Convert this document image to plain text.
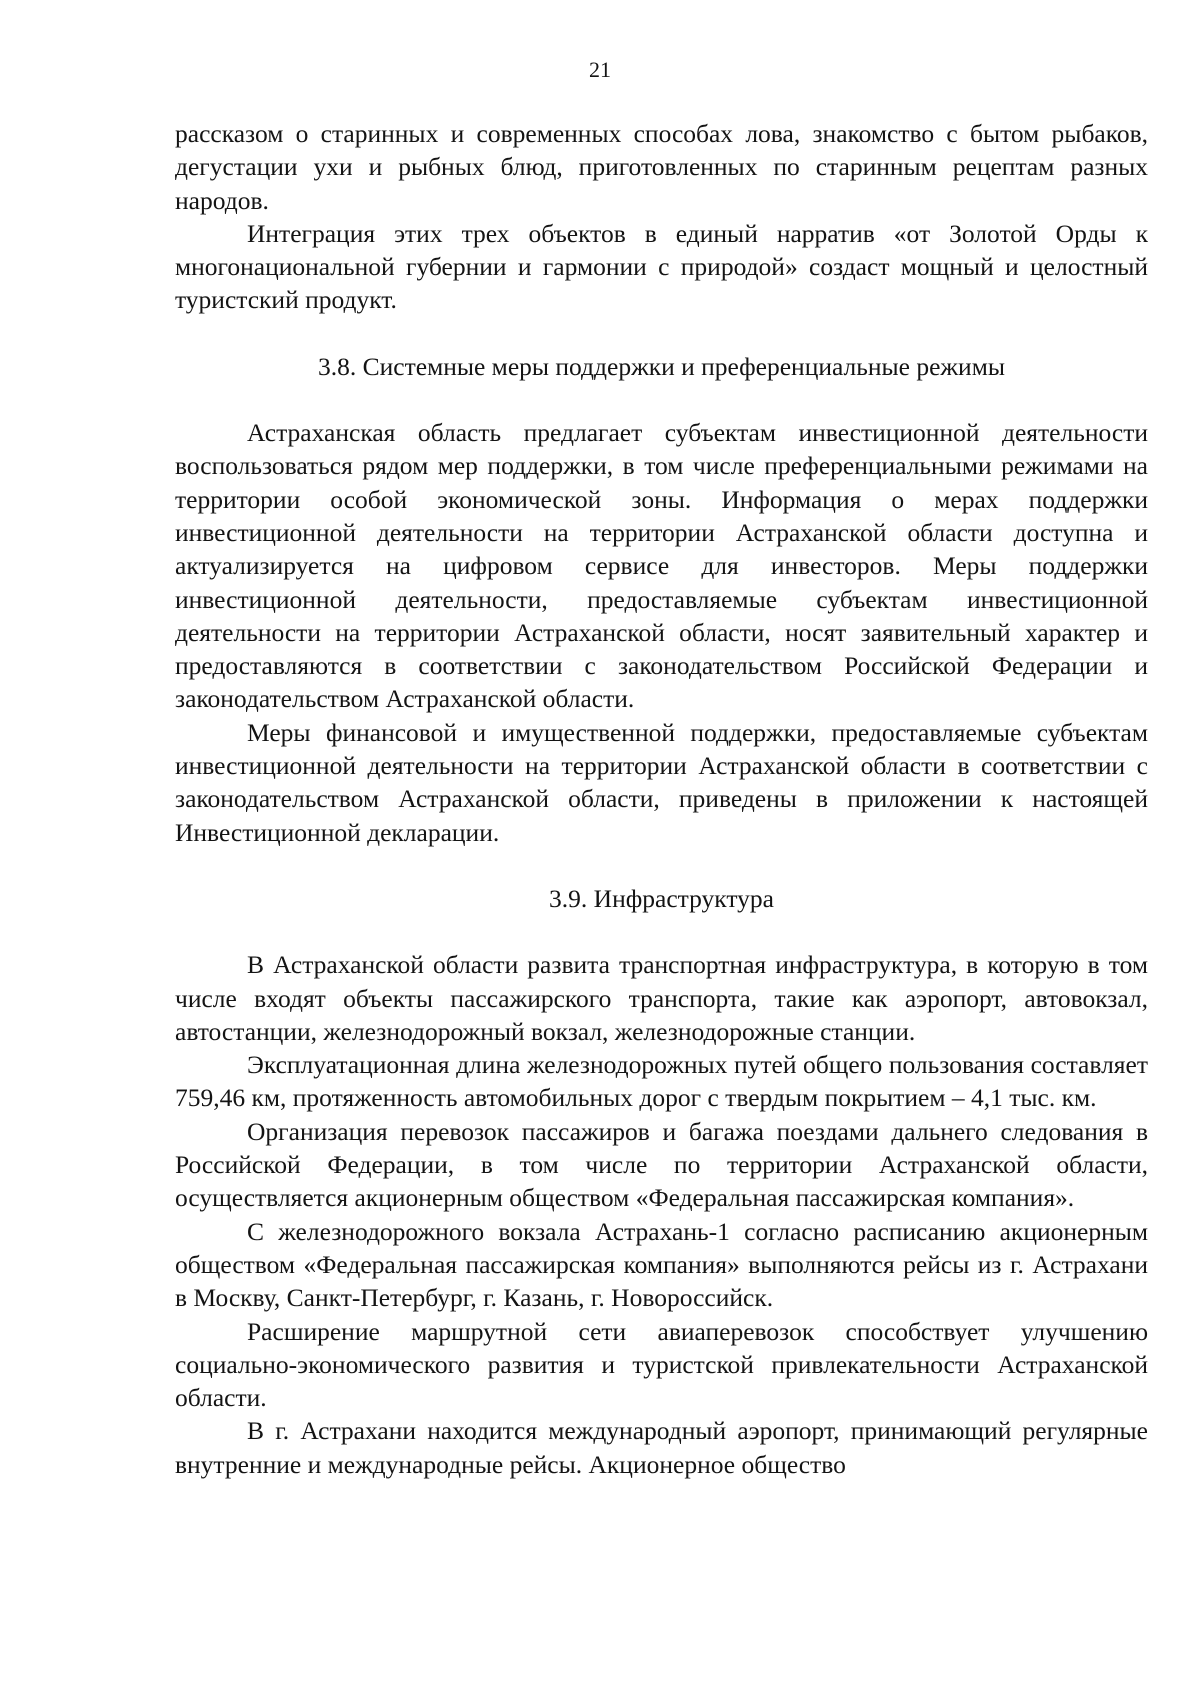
21

рассказом о старинных и современных способах лова, знакомство с бытом рыбаков, дегустации ухи и рыбных блюд, приготовленных по старинным рецептам разных народов.

Интеграция этих трех объектов в единый нарратив «от Золотой Орды к многонациональной губернии и гармонии с природой» создаст мощный и целостный туристский продукт.

3.8. Системные меры поддержки и преференциальные режимы

Астраханская область предлагает субъектам инвестиционной деятельности воспользоваться рядом мер поддержки, в том числе преференциальными режимами на территории особой экономической зоны. Информация о мерах поддержки инвестиционной деятельности на территории Астраханской области доступна и актуализируется на цифровом сервисе для инвесторов. Меры поддержки инвестиционной деятельности, предоставляемые субъектам инвестиционной деятельности на территории Астраханской области, носят заявительный характер и предоставляются в соответствии с законодательством Российской Федерации и законодательством Астраханской области.

Меры финансовой и имущественной поддержки, предоставляемые субъектам инвестиционной деятельности на территории Астраханской области в соответствии с законодательством Астраханской области, приведены в приложении к настоящей Инвестиционной декларации.

3.9. Инфраструктура

В Астраханской области развита транспортная инфраструктура, в которую в том числе входят объекты пассажирского транспорта, такие как аэропорт, автовокзал, автостанции, железнодорожный вокзал, железнодорожные станции.

Эксплуатационная длина железнодорожных путей общего пользования составляет 759,46 км, протяженность автомобильных дорог с твердым покрытием – 4,1 тыс. км.

Организация перевозок пассажиров и багажа поездами дальнего следования в Российской Федерации, в том числе по территории Астраханской области, осуществляется акционерным обществом «Федеральная пассажирская компания».

С железнодорожного вокзала Астрахань-1 согласно расписанию акционерным обществом «Федеральная пассажирская компания» выполняются рейсы из г. Астрахани в Москву, Санкт-Петербург, г. Казань, г. Новороссийск.

Расширение маршрутной сети авиаперевозок способствует улучшению социально-экономического развития и туристской привлекательности Астраханской области.

В г. Астрахани находится международный аэропорт, принимающий регулярные внутренние и международные рейсы. Акционерное общество
